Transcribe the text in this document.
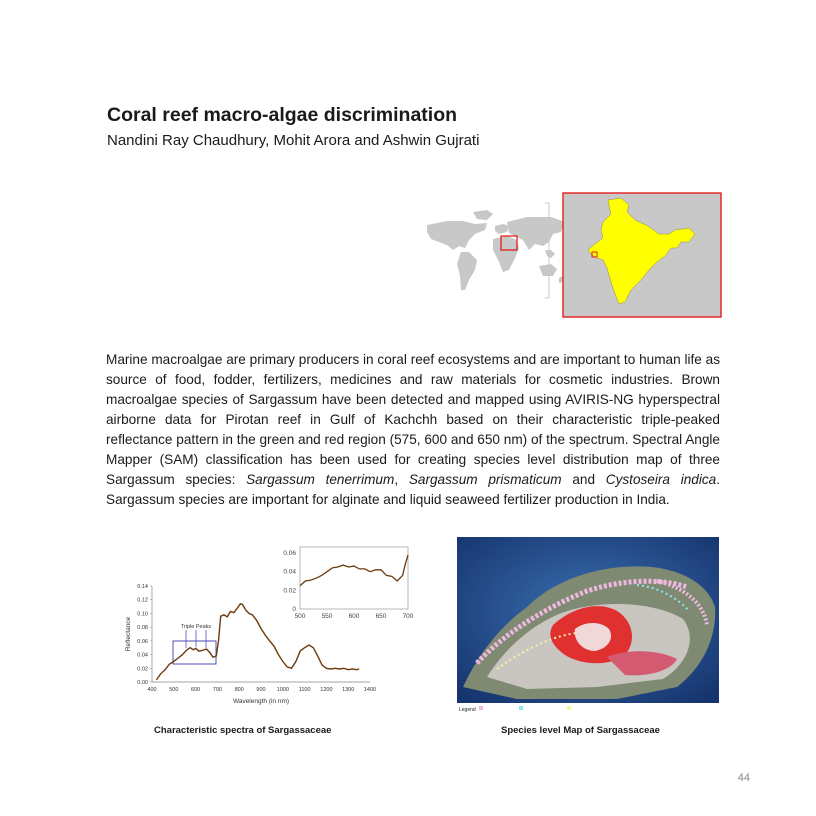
Coral reef macro-algae discrimination
Nandini Ray Chaudhury, Mohit Arora and Ashwin Gujrati

Marine macroalgae are primary producers in coral reef ecosystems and are important to human life as source of food, fodder, fertilizers, medicines and raw materials for cosmetic industries. Brown macroalgae species of Sargassum have been detected and mapped using AVIRIS-NG hyperspectral airborne data for Pirotan reef in Gulf of Kachchh based on their characteristic triple-peaked reflectance pattern in the green and red region (575, 600 and 650 nm) of the spectrum. Spectral Angle Mapper (SAM) classification has been used for creating species level distribution map of three Sargassum species: Sargassum tenerrimum, Sargassum prismaticum and Cystoseira indica. Sargassum species are important for alginate and liquid seaweed fertilizer production in India.

0.00
0.02
0.04
0.06
0.08
0.10
0.12
0.14
400 500 600 700 800 900 1000 1100 1200 1300 1400
Reflectance
Wavelength (in nm)
Triple Peaks
0
0.02
0.04
0.06
500 550 600 650 700
Legend
Characteristic spectra of Sargassaceae	Species level Map of Sargassaceae
44
